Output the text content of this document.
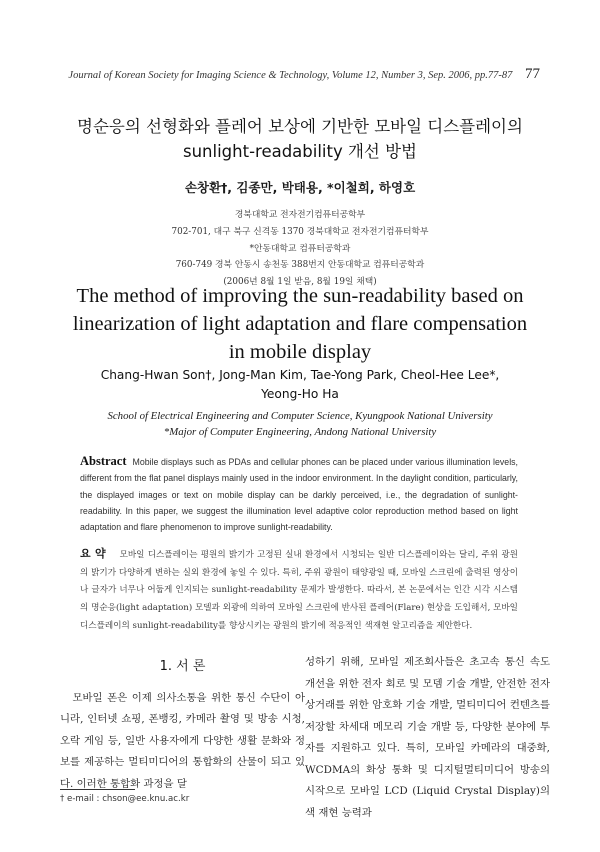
Journal of Korean Society for Imaging Science & Technology, Volume 12, Number 3, Sep. 2006, pp.77-87 77
명순응의 선형화와 플레어 보상에 기반한 모바일 디스플레이의
sunlight-readability 개선 방법
손창환†, 김종만, 박태용, *이철희, 하영호
경북대학교 전자전기컴퓨터공학부
702-701, 대구 북구 신격동 1370 경북대학교 전자전기컴퓨터학부
*안동대학교 컴퓨터공학과
760-749 경북 안동시 송천동 388번지 안동대학교 컴퓨터공학과
(2006년 8월 1일 받음, 8월 19일 채택)
The method of improving the sun-readability based on
linearization of light adaptation and flare compensation
in mobile display
Chang-Hwan Son†, Jong-Man Kim, Tae-Yong Park, Cheol-Hee Lee*,
Yeong-Ho Ha
School of Electrical Engineering and Computer Science, Kyungpook National University
*Major of Computer Engineering, Andong National University
Abstract Mobile displays such as PDAs and cellular phones can be placed under various illumination levels, different from the flat panel displays mainly used in the indoor environment. In the daylight condition, particularly, the displayed images or text on mobile display can be darkly perceived, i.e., the degradation of sunlight-readability. In this paper, we suggest the illumination level adaptive color reproduction method based on light adaptation and flare phenomenon to improve sunlight-readability.
요 약 모바일 디스플레이는 평원의 밝기가 고정된 실내 환경에서 시청되는 일반 디스플레이와는 달리, 주위 광원의 밝기가 다양하게 변하는 실외 환경에 놓일 수 있다. 특히, 주위 광원이 태양광일 때, 모바일 스크린에 출력된 영상이나 글자가 너무나 어둡게 인지되는 sunlight-readability 문제가 발생한다. 따라서, 본 논문에서는 인간 시각 시스템의 명순응(light adaptation) 모델과 외광에 의하여 모바일 스크린에 반사된 플레어(Flare) 현상을 도입해서, 모바일 디스플레이의 sunlight-readability를 향상시키는 광원의 밝기에 적응적인 색재현 알고리즘을 제안한다.
1. 서 론

모바일 폰은 이제 의사소통을 위한 통신 수단이 아니라, 인터넷 쇼핑, 폰뱅킹, 카메라 촬영 및 방송 시청, 오락 게임 등, 일반 사용자에게 다양한 생활 문화와 정보를 제공하는 멀티미디어의 통합화의 산물이 되고 있다. 이러한 통합화 과정을 달

성하기 위해, 모바일 제조회사들은 초고속 통신 속도 개선을 위한 전자 회로 및 모뎀 기술 개발, 안전한 전자 상거래를 위한 암호화 기술 개발, 멀티미디어 컨텐츠를 저장할 차세대 메모리 기술 개발 등, 다양한 분야에 투자를 지원하고 있다. 특히, 모바일 카메라의 대중화, WCDMA의 화상 통화 및 디지털멀티미디어 방송의 시작으로 모바일 LCD (Liquid Crystal Display)의 색 재현 능력과

† e-mail : chson@ee.knu.ac.kr
